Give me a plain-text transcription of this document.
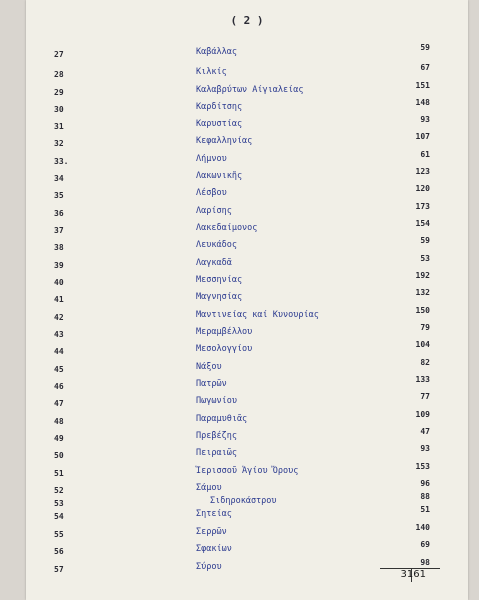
( 2 )
27	Καβάλλας	59
28	Κιλκίς	67
29	Καλαβρύτων Αίγιαλείας	151
30	Καρδίτσης	148
31	Καρυστίας	93
32	Κεφαλληνίας	107
33.	Λήμνου	61
34	Λακωνικῆς	123
35	Λέσβου	120
36	Λαρίσης	173
37	Λακεδαίμονος	154
38	Λευκάδος	59
39	Λαγκαδᾶ	53
40	Μεσσηνίας	192
41	Μαγνησίας	132
42	Μαντινείας καί Κυνουρίας	150
43	Μεραμβέλλου	79
44	Μεσολογγίου	104
45	Νάξου	82
46	Πατρῶν	133
47	Πωγωνίου	77
48	Παραμυθιᾶς	109
49	Πρεβέζης	47
50	Πειραιῶς	93
51	Ἱερισσοῦ Ἁγίου Ὄρους	153
52	Σάμου	96
53	Σιδηροκάστρου	88
54	Σητείας	51
55	Σερρῶν	140
56	Σφακίων	69
57	Σύρου	98
3161
